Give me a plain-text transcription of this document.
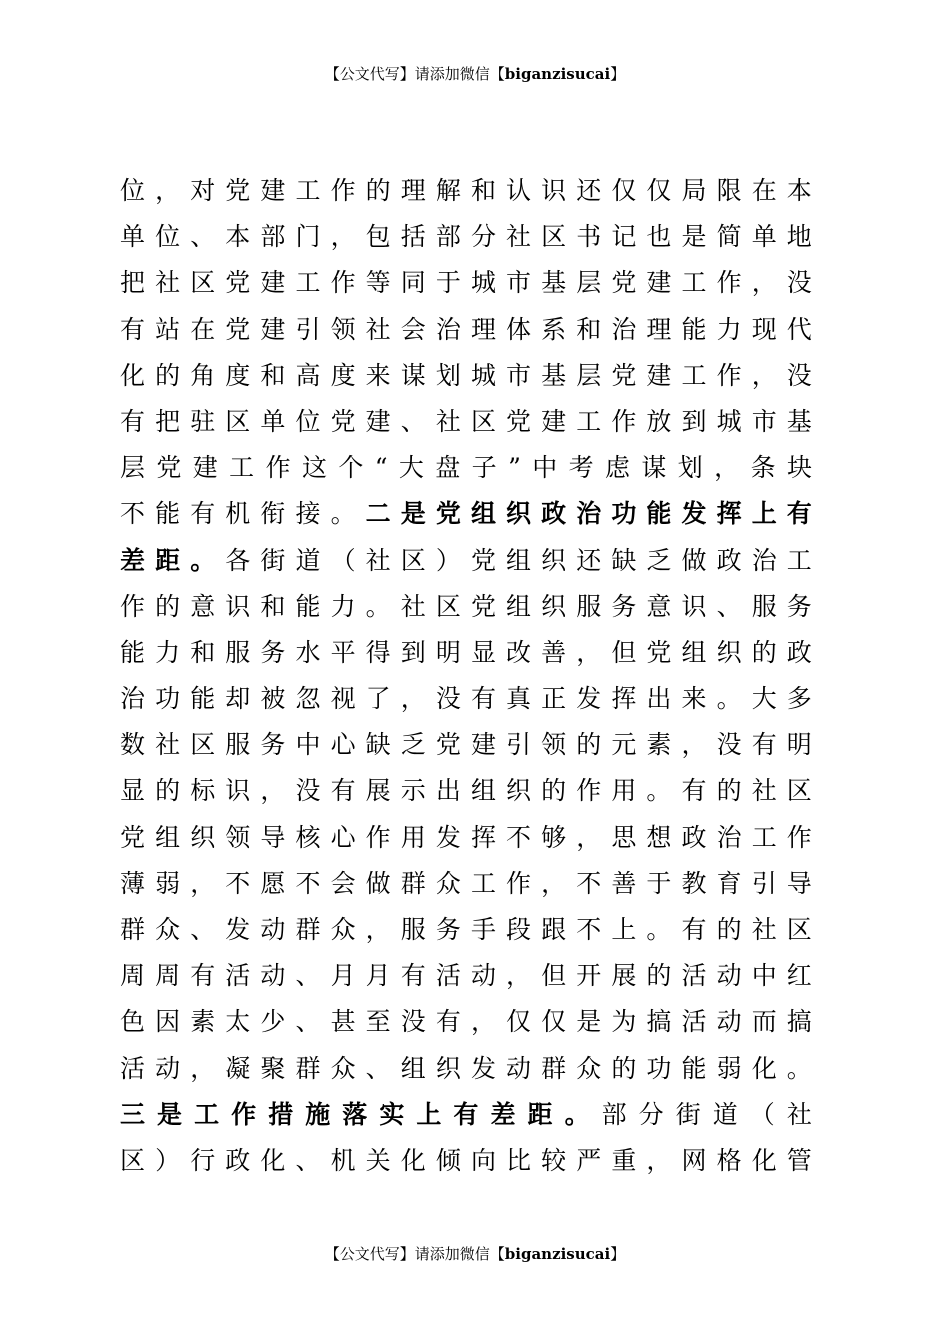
【公文代写】请添加微信【biganzisucai】
位 ， 对 党 建 工 作 的 理 解 和 认 识 还 仅 仅 局 限 在 本
单 位 、 本 部 门 ， 包 括 部 分 社 区 书 记 也 是 简 单 地
把 社 区 党 建 工 作 等 同 于 城 市 基 层 党 建 工 作 ， 没
有 站 在 党 建 引 领 社 会 治 理 体 系 和 治 理 能 力 现 代
化 的 角 度 和 高 度 来 谋 划 城 市 基 层 党 建 工 作 ， 没
有 把 驻 区 单 位 党 建 、 社 区 党 建 工 作 放 到 城 市 基
层 党 建 工 作 这 个 “ 大 盘 子 ” 中 考 虑 谋 划 ， 条 块
不 能 有 机 衔 接 。 二 是 党 组 织 政 治 功 能 发 挥 上 有
差 距 。 各 街 道 （ 社 区 ） 党 组 织 还 缺 乏 做 政 治 工
作 的 意 识 和 能 力 。 社 区 党 组 织 服 务 意 识 、 服 务
能 力 和 服 务 水 平 得 到 明 显 改 善 ， 但 党 组 织 的 政
治 功 能 却 被 忽 视 了 ， 没 有 真 正 发 挥 出 来 。 大 多
数 社 区 服 务 中 心 缺 乏 党 建 引 领 的 元 素 ， 没 有 明
显 的 标 识 ， 没 有 展 示 出 组 织 的 作 用 。 有 的 社 区
党 组 织 领 导 核 心 作 用 发 挥 不 够 ， 思 想 政 治 工 作
薄 弱 ， 不 愿 不 会 做 群 众 工 作 ， 不 善 于 教 育 引 导
群 众 、 发 动 群 众 ， 服 务 手 段 跟 不 上 。 有 的 社 区
周 周 有 活 动 、 月 月 有 活 动 ， 但 开 展 的 活 动 中 红
色 因 素 太 少 、 甚 至 没 有 ， 仅 仅 是 为 搞 活 动 而 搞
活 动 ， 凝 聚 群 众 、 组 织 发 动 群 众 的 功 能 弱 化 。
三 是 工 作 措 施 落 实 上 有 差 距 。 部 分 街 道 （ 社
区 ） 行 政 化 、 机 关 化 倾 向 比 较 严 重 ， 网 格 化 管
【公文代写】请添加微信【biganzisucai】
